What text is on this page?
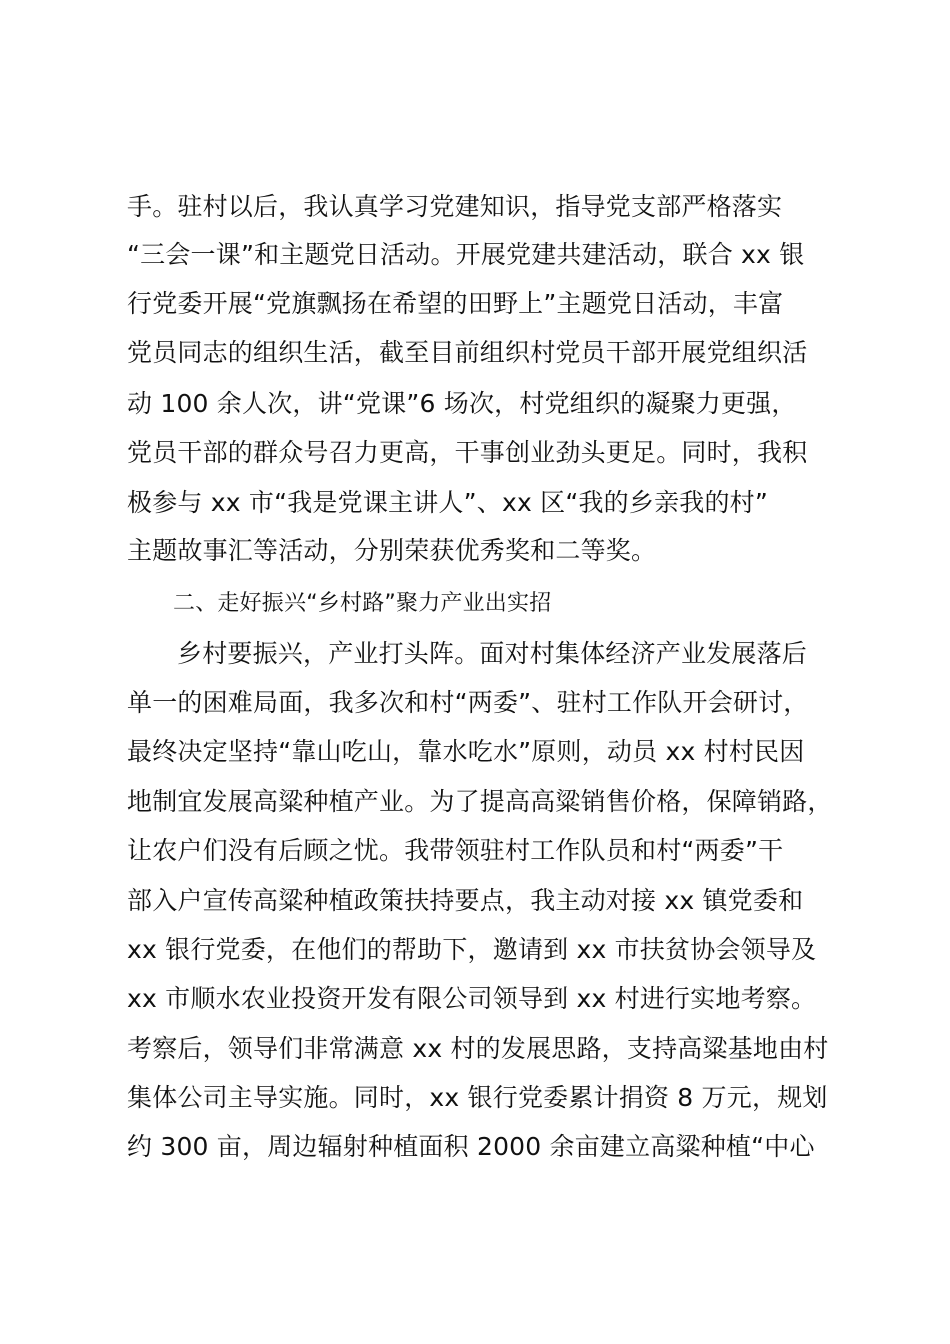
手。驻村以后，我认真学习党建知识，指导党支部严格落实
“三会一课”和主题党日活动。开展党建共建活动，联合 xx 银
行党委开展“党旗飘扬在希望的田野上”主题党日活动，丰富
党员同志的组织生活，截至目前组织村党员干部开展党组织活
动 100 余人次，讲“党课”6 场次，村党组织的凝聚力更强，
党员干部的群众号召力更高，干事创业劲头更足。同时，我积
极参与 xx 市“我是党课主讲人”、xx 区“我的乡亲我的村”
主题故事汇等活动，分别荣获优秀奖和二等奖。
二、走好振兴“乡村路”聚力产业出实招
乡村要振兴，产业打头阵。面对村集体经济产业发展落后
单一的困难局面，我多次和村“两委”、驻村工作队开会研讨，
最终决定坚持“靠山吃山，靠水吃水”原则，动员 xx 村村民因
地制宜发展高粱种植产业。为了提高高粱销售价格，保障销路，
让农户们没有后顾之忧。我带领驻村工作队员和村“两委”干
部入户宣传高粱种植政策扶持要点，我主动对接 xx 镇党委和
xx 银行党委，在他们的帮助下，邀请到 xx 市扶贫协会领导及
xx 市顺水农业投资开发有限公司领导到 xx 村进行实地考察。
考察后，领导们非常满意 xx 村的发展思路，支持高粱基地由村
集体公司主导实施。同时，xx 银行党委累计捐资 8 万元，规划
约 300 亩，周边辐射种植面积 2000 余亩建立高粱种植“中心
